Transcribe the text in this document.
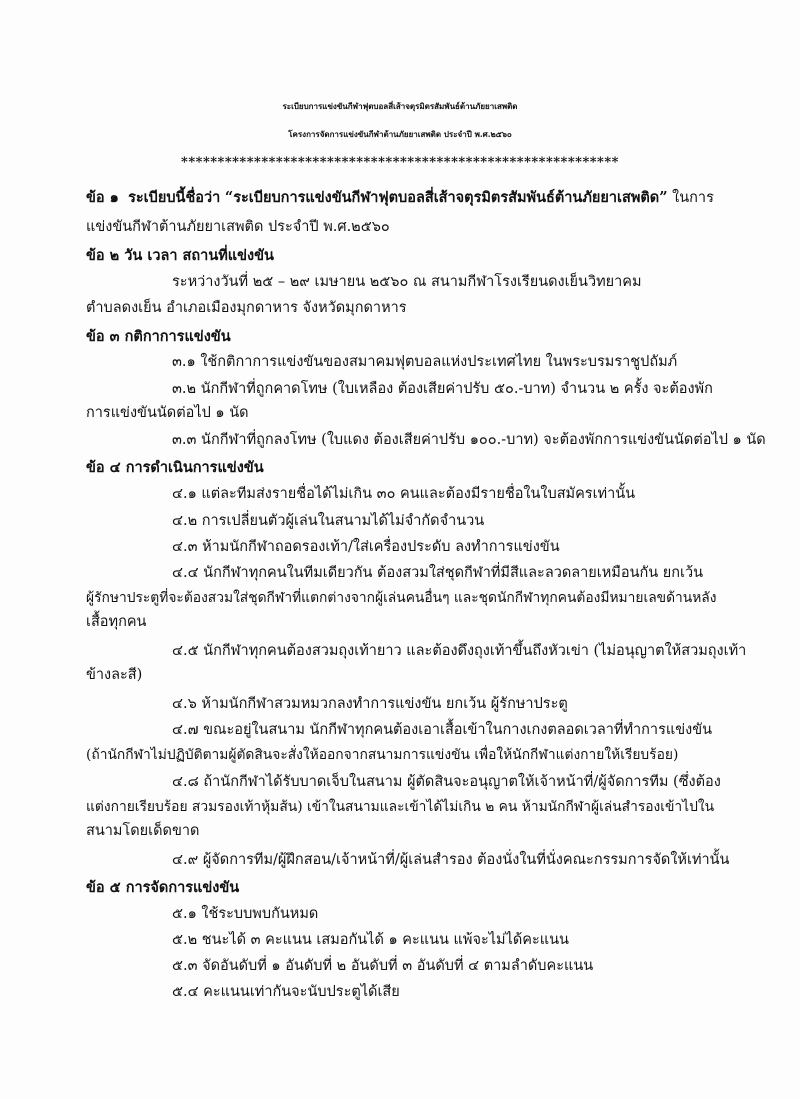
ระเบียบการแข่งขันกีฬาฟุตบอลสี่เส้าจตุรมิตรสัมพันธ์ต้านภัยยาเสพติด
โครงการจัดการแข่งขันกีฬาต้านภัยยาเสพติด ประจำปี พ.ศ.๒๕๖๐
************************************************************
ข้อ ๑ ระเบียบนี้ชื่อว่า “ระเบียบการแข่งขันกีฬาฟุตบอลสี่เส้าจตุรมิตรสัมพันธ์ต้านภัยยาเสพติด” ในการ
แข่งขันกีฬาต้านภัยยาเสพติด ประจำปี พ.ศ.๒๕๖๐
ข้อ ๒ วัน เวลา สถานที่แข่งขัน
ระหว่างวันที่ ๒๕ – ๒๙ เมษายน ๒๕๖๐ ณ สนามกีฬาโรงเรียนดงเย็นวิทยาคม
ตำบลดงเย็น อำเภอเมืองมุกดาหาร จังหวัดมุกดาหาร
ข้อ ๓ กติกาการแข่งขัน
๓.๑ ใช้กติกาการแข่งขันของสมาคมฟุตบอลแห่งประเทศไทย ในพระบรมราชูปถัมภ์
๓.๒ นักกีฬาที่ถูกคาดโทษ (ใบเหลือง ต้องเสียค่าปรับ ๕๐.-บาท) จำนวน ๒ ครั้ง จะต้องพัก
การแข่งขันนัดต่อไป ๑ นัด
๓.๓ นักกีฬาที่ถูกลงโทษ (ใบแดง ต้องเสียค่าปรับ ๑๐๐.-บาท) จะต้องพักการแข่งขันนัดต่อไป ๑ นัด
ข้อ ๔ การดำเนินการแข่งขัน
๔.๑ แต่ละทีมส่งรายชื่อได้ไม่เกิน ๓๐ คนและต้องมีรายชื่อในใบสมัครเท่านั้น
๔.๒ การเปลี่ยนตัวผู้เล่นในสนามได้ไม่จำกัดจำนวน
๔.๓ ห้ามนักกีฬาถอดรองเท้า/ใส่เครื่องประดับ ลงทำการแข่งขัน
๔.๔ นักกีฬาทุกคนในทีมเดียวกัน ต้องสวมใส่ชุดกีฬาที่มีสีและลวดลายเหมือนกัน ยกเว้น
ผู้รักษาประตูที่จะต้องสวมใส่ชุดกีฬาที่แตกต่างจากผู้เล่นคนอื่นๆ และชุดนักกีฬาทุกคนต้องมีหมายเลขด้านหลัง
เสื้อทุกคน
๔.๕ นักกีฬาทุกคนต้องสวมถุงเท้ายาว และต้องดึงถุงเท้าขึ้นถึงหัวเข่า (ไม่อนุญาตให้สวมถุงเท้า
ข้างละสี)
๔.๖ ห้ามนักกีฬาสวมหมวกลงทำการแข่งขัน ยกเว้น ผู้รักษาประตู
๔.๗ ขณะอยู่ในสนาม นักกีฬาทุกคนต้องเอาเสื้อเข้าในกางเกงตลอดเวลาที่ทำการแข่งขัน
(ถ้านักกีฬาไม่ปฏิบัติตามผู้ตัดสินจะสั่งให้ออกจากสนามการแข่งขัน เพื่อให้นักกีฬาแต่งกายให้เรียบร้อย)
๔.๘ ถ้านักกีฬาได้รับบาดเจ็บในสนาม ผู้ตัดสินจะอนุญาตให้เจ้าหน้าที่/ผู้จัดการทีม (ซึ่งต้อง
แต่งกายเรียบร้อย สวมรองเท้าหุ้มส้น) เข้าในสนามและเข้าได้ไม่เกิน ๒ คน ห้ามนักกีฬาผู้เล่นสำรองเข้าไปใน
สนามโดยเด็ดขาด
๔.๙ ผู้จัดการทีม/ผู้ฝึกสอน/เจ้าหน้าที่/ผู้เล่นสำรอง ต้องนั่งในที่นั่งคณะกรรมการจัดให้เท่านั้น
ข้อ ๕ การจัดการแข่งขัน
๕.๑ ใช้ระบบพบกันหมด
๕.๒ ชนะได้ ๓ คะแนน เสมอกันได้ ๑ คะแนน แพ้จะไม่ได้คะแนน
๕.๓ จัดอันดับที่ ๑ อันดับที่ ๒ อันดับที่ ๓ อันดับที่ ๔ ตามลำดับคะแนน
๕.๔ คะแนนเท่ากันจะนับประตูได้เสีย
